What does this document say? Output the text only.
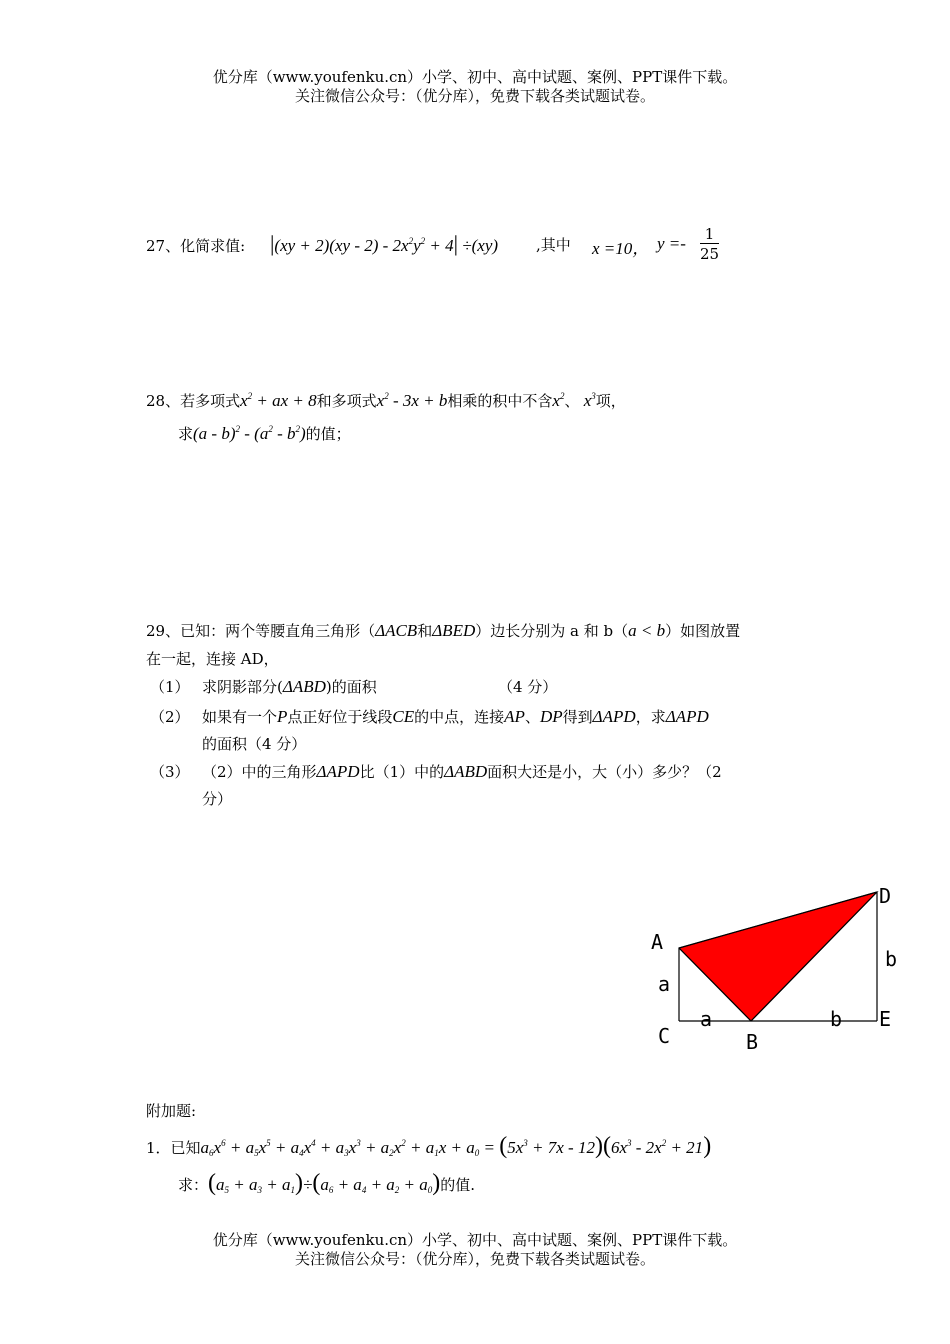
优分库（www.youfenku.cn）小学、初中、高中试题、案例、PPT课件下载。
关注微信公众号：（优分库），免费下载各类试题试卷。
27、化简求值: $|(xy + 2)(xy - 2) - 2x^2y^2 + 4| \div(xy)$	,其中 x =10， $y =- \frac{1}{25}$
28、若多项式$x^2$ + ax + 8和多项式$x^2 - 3x + b$相乘的积中不含$x^2$、 $x^3$项，
求$(a - b)^2 - (a^2 - b^2)$的值；
29、已知：两个等腰直角三角形（ΔACB和ΔBED）边长分别为 a 和 b（a < b）如图放置
在一起，连接 AD，
（1） 求阴影部分(ΔABD)的面积	（4 分）
（2） 如果有一个P点正好位于线段CE的中点，连接AP、DP得到ΔAPD，求ΔAPD
的面积（4 分）
（3） （2）中的三角形ΔAPD比（1）中的ΔABD面积大还是小，大（小）多少？（2
分）
A
a
C
a
B
b E
b
D
附加题:
1．已知$a_6x^6 + a_5x^5 + a_4x^4 + a_3x^3 + a_2x^2 + a_1x + a_0 = (5x^3 + 7x - 12)(6x^3 - 2x^2 + 21)$
求：$(a_5 + a_3 + a_1)\div(a_6 + a_4 + a_2 + a_0)$的值.
优分库（www.youfenku.cn）小学、初中、高中试题、案例、PPT课件下载。
关注微信公众号：（优分库），免费下载各类试题试卷。
